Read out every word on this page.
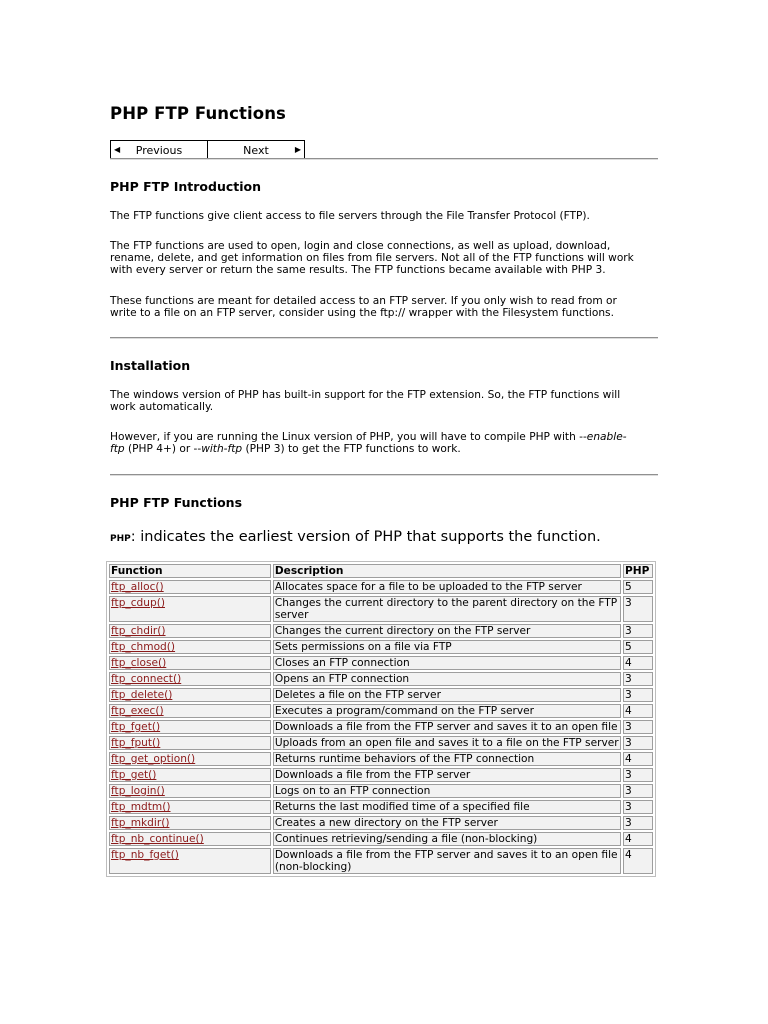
PHP FTP Functions
◀ Previous	Next	▶
PHP FTP Introduction

The FTP functions give client access to file servers through the File Transfer Protocol (FTP).

The FTP functions are used to open, login and close connections, as well as upload, download,
rename, delete, and get information on files from file servers. Not all of the FTP functions will work
with every server or return the same results. The FTP functions became available with PHP 3.

These functions are meant for detailed access to an FTP server. If you only wish to read from or
write to a file on an FTP server, consider using the ftp:// wrapper with the Filesystem functions.

Installation

The windows version of PHP has built-in support for the FTP extension. So, the FTP functions will
work automatically.

However, if you are running the Linux version of PHP, you will have to compile PHP with --enable-
ftp (PHP 4+) or --with-ftp (PHP 3) to get the FTP functions to work.

PHP FTP Functions
PHP: indicates the earliest version of PHP that supports the function.
Function	Description	PHP
ftp_alloc()	Allocates space for a file to be uploaded to the FTP server	5
ftp_cdup()	Changes the current directory to the parent directory on the FTP server	3
ftp_chdir()	Changes the current directory on the FTP server	3
ftp_chmod()	Sets permissions on a file via FTP	5
ftp_close()	Closes an FTP connection	4
ftp_connect()	Opens an FTP connection	3
ftp_delete()	Deletes a file on the FTP server	3
ftp_exec()	Executes a program/command on the FTP server	4
ftp_fget()	Downloads a file from the FTP server and saves it to an open file	3
ftp_fput()	Uploads from an open file and saves it to a file on the FTP server	3
ftp_get_option()	Returns runtime behaviors of the FTP connection	4
ftp_get()	Downloads a file from the FTP server	3
ftp_login()	Logs on to an FTP connection	3
ftp_mdtm()	Returns the last modified time of a specified file	3
ftp_mkdir()	Creates a new directory on the FTP server	3
ftp_nb_continue()	Continues retrieving/sending a file (non-blocking)	4
ftp_nb_fget()	Downloads a file from the FTP server and saves it to an open file (non-blocking)	4
